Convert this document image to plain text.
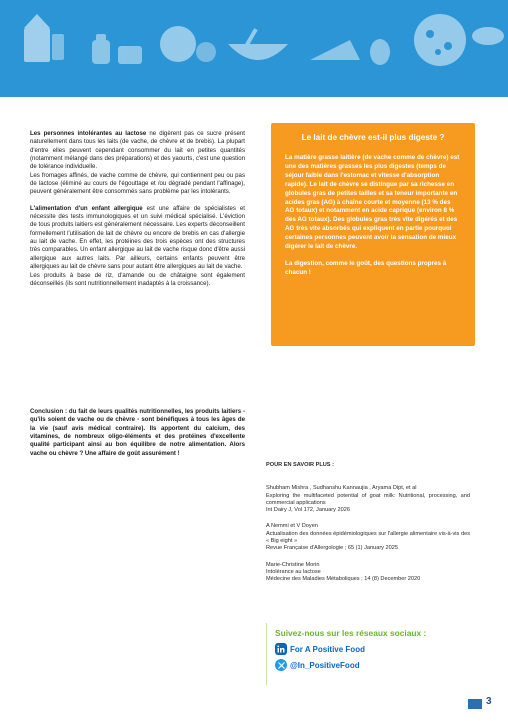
Les personnes intolérantes au lactose ne digèrent pas ce sucre présent naturellement dans tous les laits (de vache, de chèvre et de brebis). La plupart d'entre elles peuvent cependant consommer du lait en petites quantités (notamment mélangé dans des préparations) et des yaourts, c'est une question de tolérance individuelle.

Les fromages affinés, de vache comme de chèvre, qui contiennent peu ou pas de lactose (éliminé au cours de l'égouttage et /ou dégradé pendant l'affinage), peuvent généralement être consommés sans problème par les intolérants.

L'alimentation d'un enfant allergique est une affaire de spécialistes et nécessite des tests immunologiques et un suivi médical spécialisé. L'éviction de tous produits laitiers est généralement nécessaire. Les experts déconseillent formellement l'utilisation de lait de chèvre ou encore de brebis en cas d'allergie au lait de vache. En effet, les protéines des trois espèces ont des structures très comparables. Un enfant allergique au lait de vache risque donc d'être aussi allergique aux autres laits. Par ailleurs, certains enfants peuvent être allergiques au lait de chèvre sans pour autant être allergiques au lait de vache.

Les produits à base de riz, d'amande ou de châtaigne sont également déconseillés (ils sont nutritionnellement inadaptés à la croissance).

Conclusion : du fait de leurs qualités nutritionnelles, les produits laitiers -qu'ils soient de vache ou de chèvre - sont bénéfiques à tous les âges de la vie (sauf avis médical contraire). Ils apportent du calcium, des vitamines, de nombreux oligo-éléments et des protéines d'excellente qualité participant ainsi au bon équilibre de notre alimentation. Alors vache ou chèvre ? Une affaire de goût assurément !
Le lait de chèvre est-il plus digeste ?

La matière grasse laitière (de vache comme de chèvre) est une des matières grasses les plus digestes (temps de séjour faible dans l'estomac et vitesse d'absorption rapide). Le lait de chèvre se distingue par sa richesse en globules gras de petites tailles et sa teneur importante en acides gras (AG) à chaîne courte et moyenne (13 % des AG totaux) et notamment en acide caprique (environ 8 % des AG totaux). Des globules gras très vite digérés et des AG très vite absorbés qui expliquent en partie pourquoi certaines personnes peuvent avoir la sensation de mieux digérer le lait de chèvre.

La digestion, comme le goût, des questions propres à chacun !

POUR EN SAVOIR PLUS :
Shubham Mishra , Sudhanshu Kannaujia , Aryama Dipt, et al
Exploring the multifaceted potential of goat milk: Nutritional, processing, and commercial applications
Int Dairy J, Vol 172, January 2026
A Nemmi et V Doyen
Actualisation des données épidémiologiques sur l'allergie alimentaire vis-à-vis des « Big eight »
Revue Française d'Allergologie ; 65 (1) January 2025
Marie-Christine Morin
Intolérance au lactose
Médecine des Maladies Métaboliques ; 14 (8) December 2020
Suivez-nous sur les réseaux sociaux :
For A Positive Food
@In_PositiveFood
3
